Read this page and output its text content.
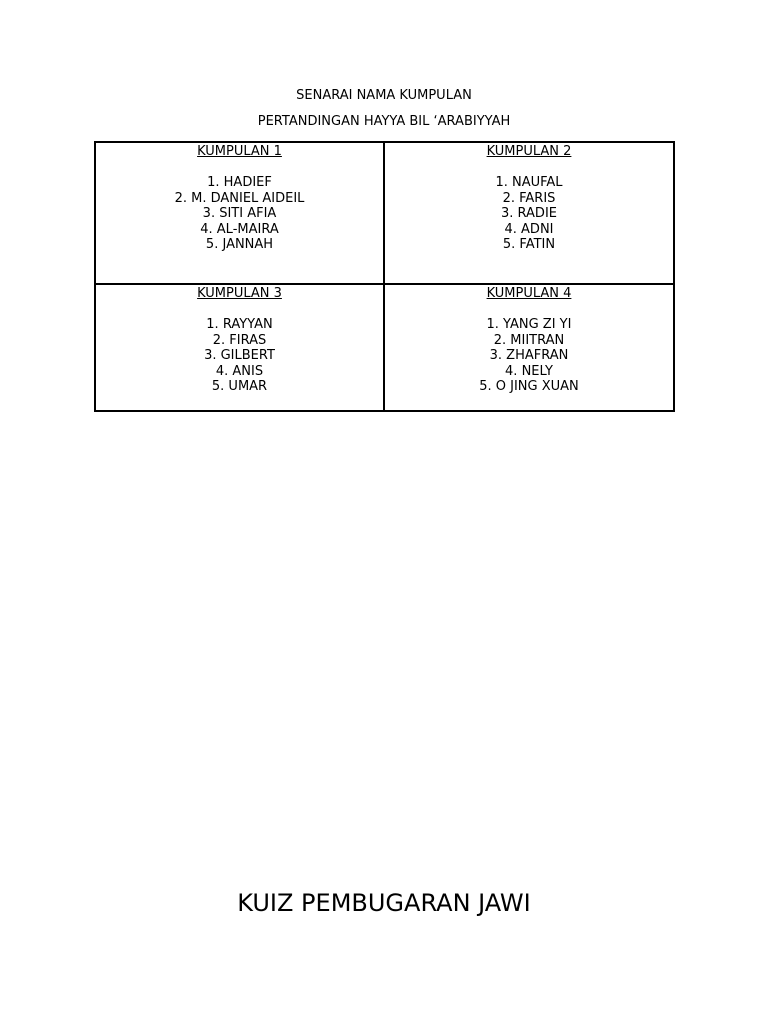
SENARAI NAMA KUMPULAN

PERTANDINGAN HAYYA BIL ‘ARABIYYAH

KUMPULAN 1
1. HADIEF
2. M. DANIEL AIDEIL
3. SITI AFIA
4. AL-MAIRA
5. JANNAH
KUMPULAN 2
1. NAUFAL
2. FARIS
3. RADIE
4. ADNI
5. FATIN
KUMPULAN 3
1. RAYYAN
2. FIRAS
3. GILBERT
4. ANIS
5. UMAR
KUMPULAN 4
1. YANG ZI YI
2. MIITRAN
3. ZHAFRAN
4. NELY
5. O JING XUAN
KUIZ PEMBUGARAN JAWI
